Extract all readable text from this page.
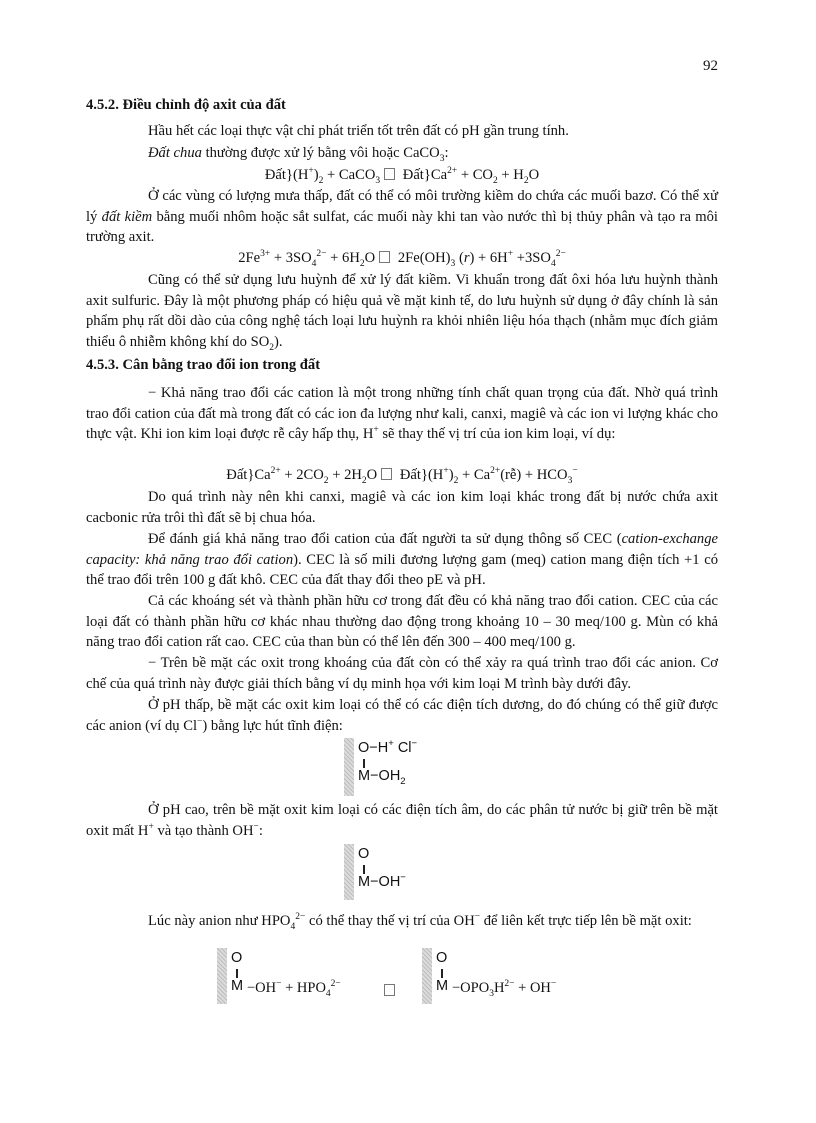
92
4.5.2. Điều chỉnh độ axit của đất
Hầu hết các loại thực vật chỉ phát triển tốt trên đất có pH gần trung tính.
Đất chua thường được xử lý bằng vôi hoặc CaCO$_3$:
$Đất\}(H^+)_2$ + CaCO$_3$ $Đất\}Ca^{2+} + CO_2 + H_2O$
Ở các vùng có lượng mưa thấp, đất có thể có môi trường kiềm do chứa các muối bazơ. Có thể xử lý đất kiềm bằng muối nhôm hoặc sắt sulfat, các muối này khi tan vào nước thì bị thủy phân và tạo ra môi trường axit.
$2Fe^{3+} + 3SO_4^{2-} + 6H_2O$ $2Fe(OH)_3$ $(r) + 6H^+ +3SO_4^{2-}$
Cũng có thể sử dụng lưu huỳnh để xử lý đất kiềm. Vi khuẩn trong đất ôxi hóa lưu huỳnh thành axit sulfuric. Đây là một phương pháp có hiệu quả về mặt kinh tế, do lưu huỳnh sử dụng ở đây chính là sản phẩm phụ rất dồi dào của công nghệ tách loại lưu huỳnh ra khỏi nhiên liệu hóa thạch (nhằm mục đích giảm thiểu ô nhiễm không khí do $SO_2$).
4.5.3. Cân bằng trao đổi ion trong đất
− Khả năng trao đổi các cation là một trong những tính chất quan trọng của đất. Nhờ quá trình trao đổi cation của đất mà trong đất có các ion đa lượng như kali, canxi, magiê và các ion vi lượng khác cho thực vật. Khi ion kim loại được rễ cây hấp thụ, H+ sẽ thay thế vị trí của ion kim loại, ví dụ:
$Đất\}Ca^{2+} + 2CO_2 + 2H_2O$ $Đất\}(H^+)_2$ + $Ca^{2+}(rễ) + HCO_3^-$
Do quá trình này nên khi canxi, magiê và các ion kim loại khác trong đất bị nước chứa axit cacbonic rửa trôi thì đất sẽ bị chua hóa.
Để đánh giá khả năng trao đổi cation của đất người ta sử dụng thông số CEC (cation-exchange capacity: khả năng trao đổi cation). CEC là số mili đương lượng gam (meq) cation mang điện tích +1 có thể trao đổi trên 100 g đất khô. CEC của đất thay đổi theo pE và pH.
Cả các khoáng sét và thành phần hữu cơ trong đất đều có khả năng trao đổi cation. CEC của các loại đất có thành phần hữu cơ khác nhau thường dao động trong khoảng 10 – 30 meq/100 g. Mùn có khả năng trao đổi cation rất cao. CEC của than bùn có thể lên đến 300 – 400 meq/100 g.
− Trên bề mặt các oxit trong khoáng của đất còn có thể xảy ra quá trình trao đổi các anion. Cơ chế của quá trình này được giải thích bằng ví dụ minh họa với kim loại M trình bày dưới đây.
Ở pH thấp, bề mặt các oxit kim loại có thể có các điện tích dương, do đó chúng có thể giữ được các anion (ví dụ Cl−) bằng lực hút tĩnh điện:
O−H+ Cl−
$M-OH_2$
Ở pH cao, trên bề mặt oxit kim loại có các điện tích âm, do các phân tử nước bị giữ trên bề mặt oxit mất H+ và tạo thành OH−:
O
M−OH−
Lúc này anion như $HPO_4^{2-}$ có thể thay thế vị trí của OH− để liên kết trực tiếp lên bề mặt oxit:
O
$M -OH^- + HPO_4^{2-}$
O
$M -OPO_3H^{2-} + OH^-$
